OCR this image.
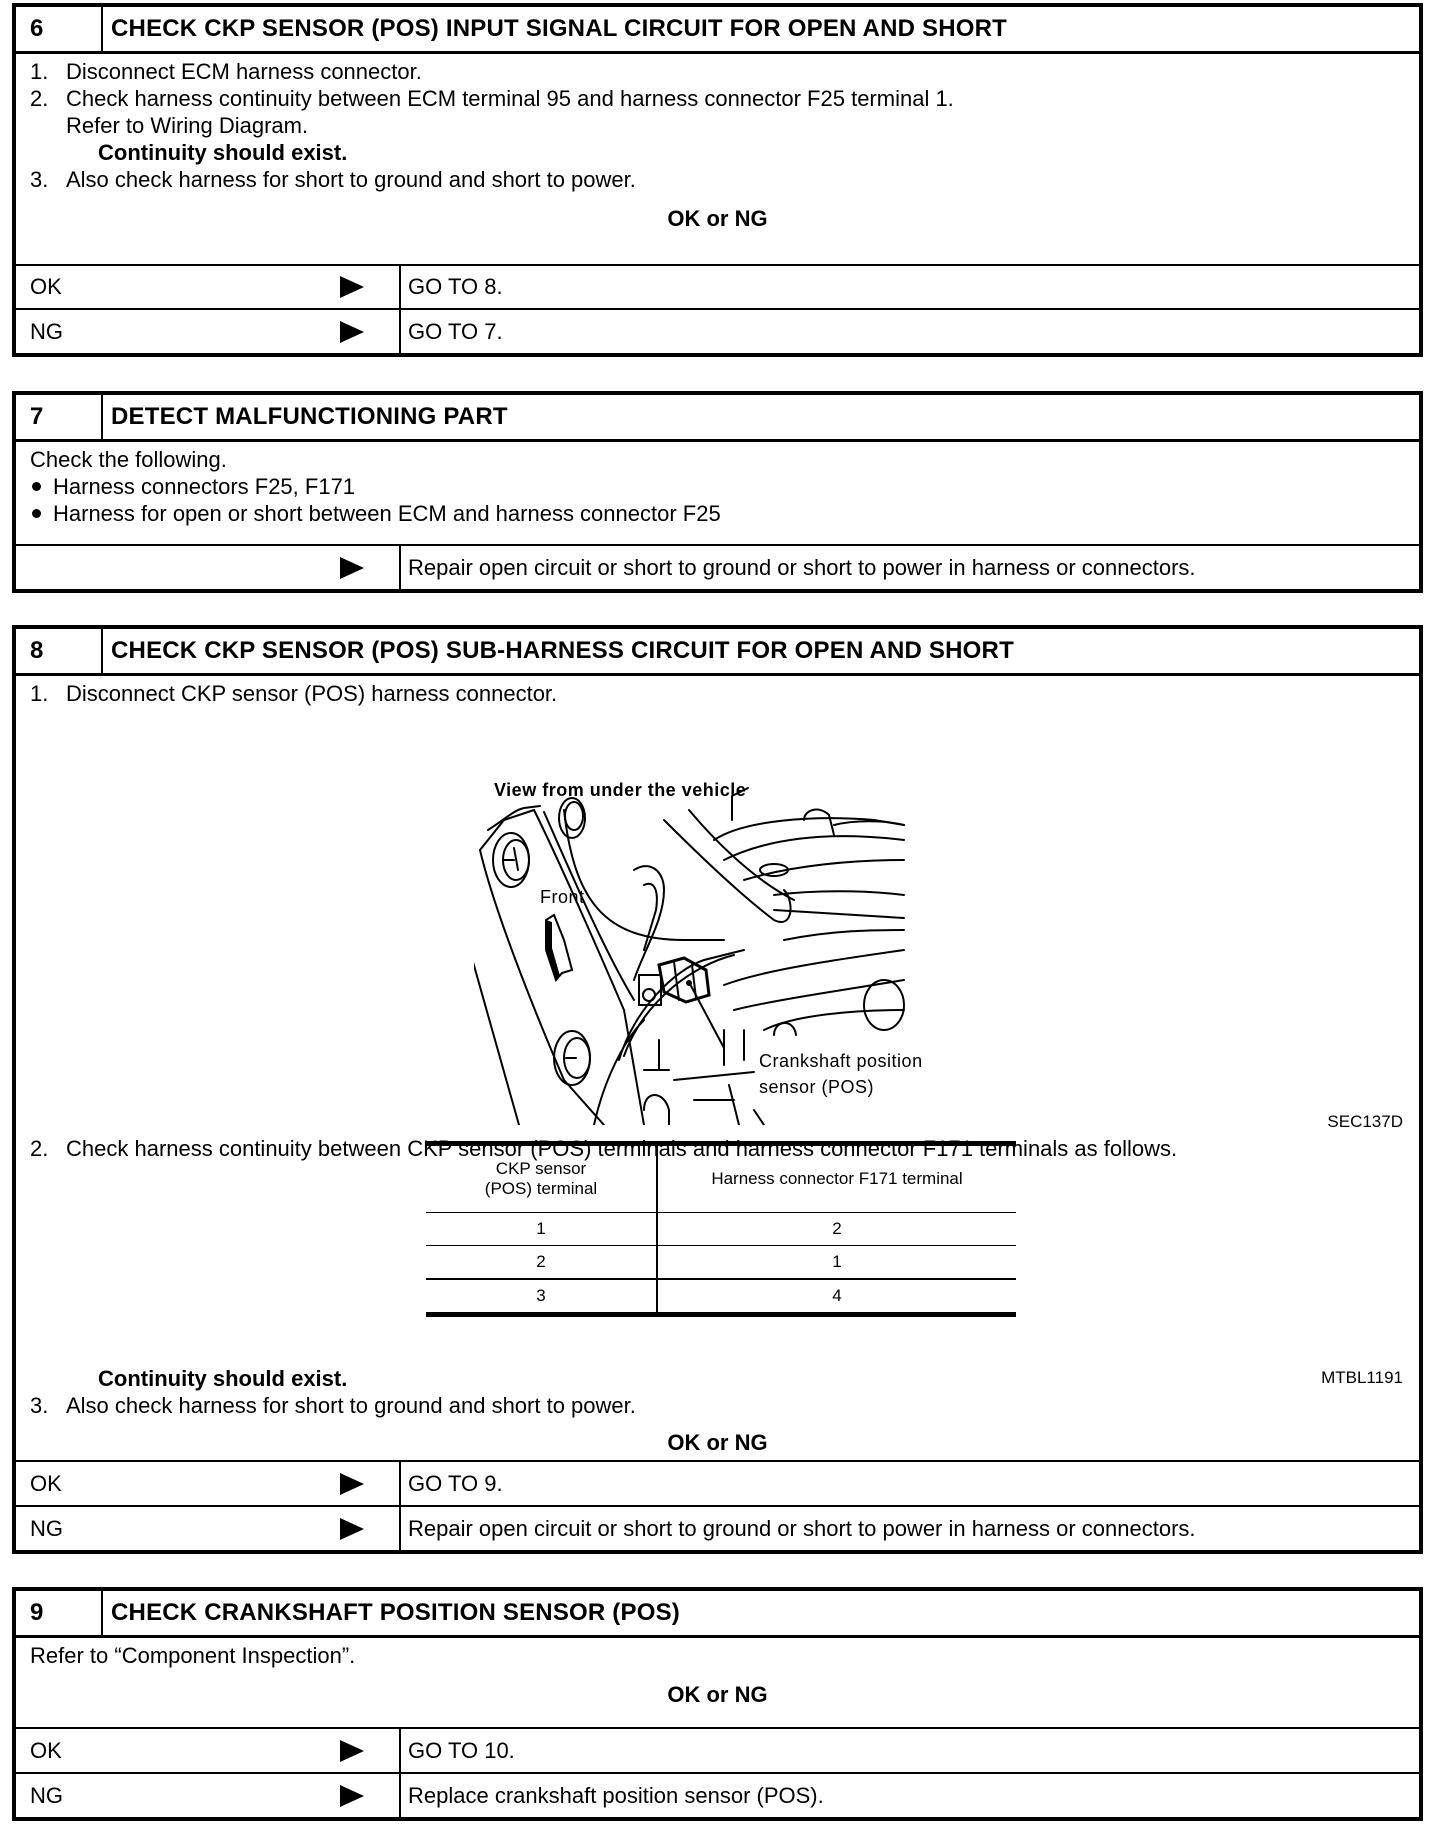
6	CHECK CKP SENSOR (POS) INPUT SIGNAL CIRCUIT FOR OPEN AND SHORT
1. Disconnect ECM harness connector.
2. Check harness continuity between ECM terminal 95 and harness connector F25 terminal 1.
Refer to Wiring Diagram.
Continuity should exist.
3. Also check harness for short to ground and short to power.
OK or NG
OK	GO TO 8.
NG	GO TO 7.
7	DETECT MALFUNCTIONING PART
Check the following.
Harness connectors F25, F171
Harness for open or short between ECM and harness connector F25
Repair open circuit or short to ground or short to power in harness or connectors.
8	CHECK CKP SENSOR (POS) SUB-HARNESS CIRCUIT FOR OPEN AND SHORT
1. Disconnect CKP sensor (POS) harness connector.
View from under the vehicle
Front
Crankshaft position
sensor (POS)
SEC137D
2. Check harness continuity between CKP sensor (POS) terminals and harness connector F171 terminals as follows.
CKP sensor
(POS) terminal	Harness connector F171 terminal
1	2
2	1
3	4
MTBL1191
Continuity should exist.
3. Also check harness for short to ground and short to power.
OK or NG
OK	GO TO 9.
NG	Repair open circuit or short to ground or short to power in harness or connectors.
9	CHECK CRANKSHAFT POSITION SENSOR (POS)
Refer to “Component Inspection”.
OK or NG
OK	GO TO 10.
NG	Replace crankshaft position sensor (POS).
